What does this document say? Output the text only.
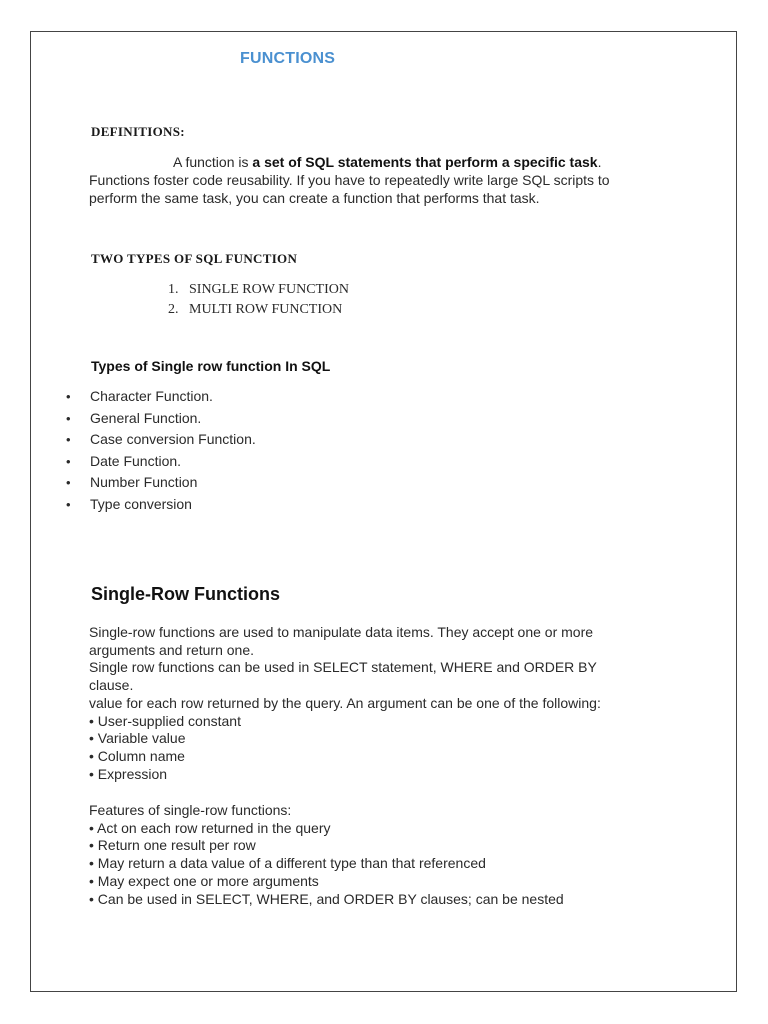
FUNCTIONS
DEFINITIONS:
A function is a set of SQL statements that perform a specific task.
Functions foster code reusability. If you have to repeatedly write large SQL scripts to
perform the same task, you can create a function that performs that task.
TWO TYPES OF SQL FUNCTION
1. SINGLE ROW FUNCTION
2. MULTI ROW FUNCTION
Types of Single row function In SQL
•	Character Function.
•	General Function.
•	Case conversion Function.
•	Date Function.
•	Number Function
•	Type conversion
Single-Row Functions
Single-row functions are used to manipulate data items. They accept one or more
arguments and return one.
Single row functions can be used in SELECT statement, WHERE and ORDER BY
clause.
value for each row returned by the query. An argument can be one of the following:
• User-supplied constant
• Variable value
• Column name
• Expression
Features of single-row functions:
• Act on each row returned in the query
• Return one result per row
• May return a data value of a different type than that referenced
• May expect one or more arguments
• Can be used in SELECT, WHERE, and ORDER BY clauses; can be nested
